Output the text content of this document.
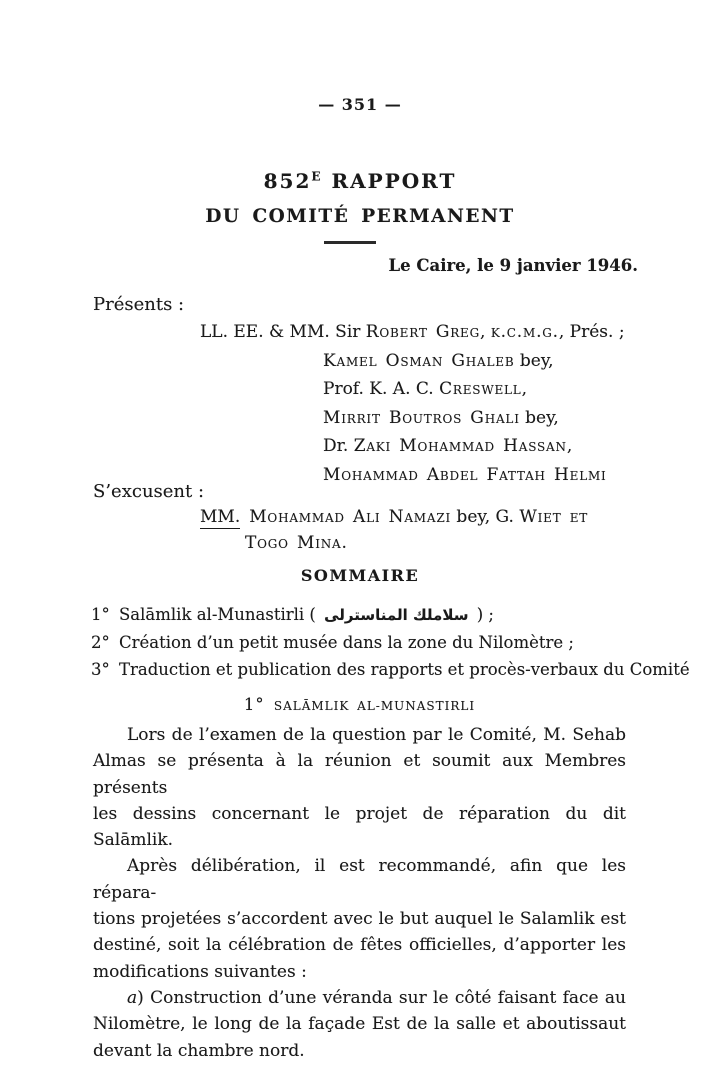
— 351 —
$852^E$ RAPPORT
DU COMITÉ PERMANENT
Le Caire, le 9 janvier 1946.
Présents :
LL. EE. & MM. Sir Robert Greg, k.c.m.g., Prés. ;
Kamel Osman Ghaleb bey,
Prof. K. A. C. Creswell,
Mirrit Boutros Ghali bey,
Dr. Zaki Mohammad Hassan,
Mohammad Abdel Fattah Helmi
S’excusent :
MM. Mohammad Ali Namazi bey, G. Wiet et
Togo Mina.
SOMMAIRE
1° Salāmlik al-Munastirli ( سلاملك المناسترلى ) ;
2° Création d’un petit musée dans la zone du Nilomètre ;
3° Traduction et publication des rapports et procès-verbaux du Comité
1° Salāmlik al-Munastirli
Lors de l’examen de la question par le Comité, M. Sehab
Almas se présenta à la réunion et soumit aux Membres présents
les dessins concernant le projet de réparation du dit Salāmlik.
Après délibération, il est recommandé, afin que les répara-
tions projetées s’accordent avec le but auquel le Salamlik est
destiné, soit la célébration de fêtes officielles, d’apporter les
modifications suivantes :
a) Construction d’une véranda sur le côté faisant face au
Nilomètre, le long de la façade Est de la salle et aboutissaut
devant la chambre nord.
